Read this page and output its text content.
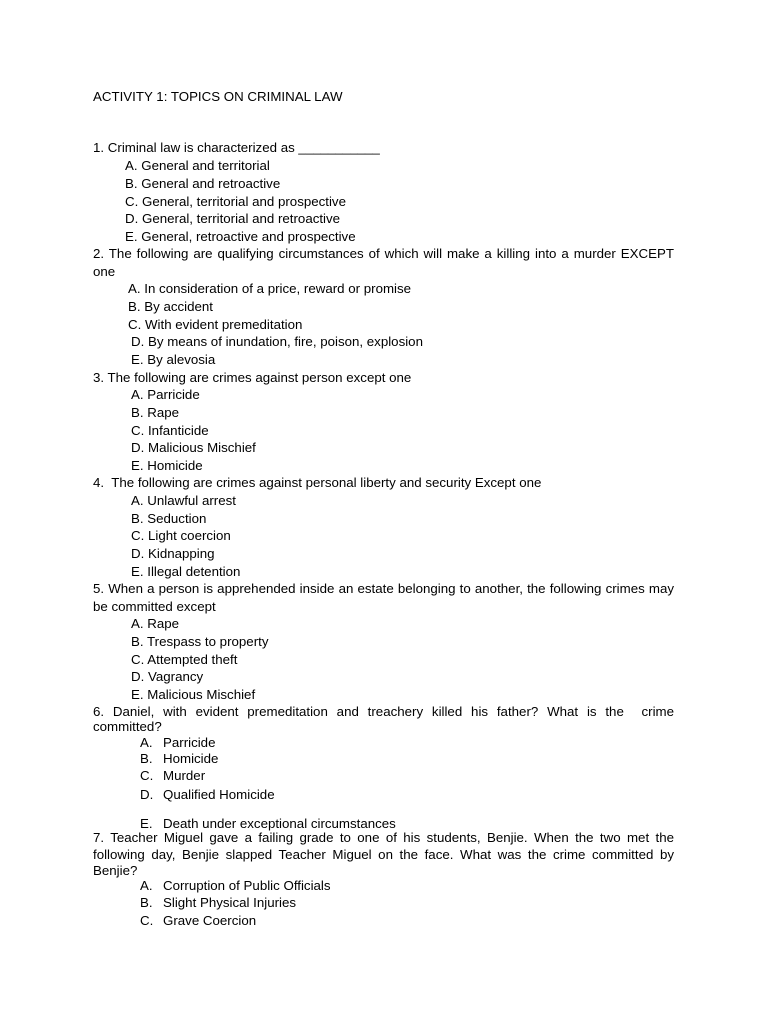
ACTIVITY 1: TOPICS ON CRIMINAL LAW
1. Criminal law is characterized as ___________
A. General and territorial
B. General and retroactive
C. General, territorial and prospective
D. General, territorial and retroactive
E. General, retroactive and prospective
2. The following are qualifying circumstances of which will make a killing into a murder EXCEPT one
A. In consideration of a price, reward or promise
B. By accident
C. With evident premeditation
D. By means of inundation, fire, poison, explosion
E. By alevosia
3. The following are crimes against person except one
A. Parricide
B. Rape
C. Infanticide
D. Malicious Mischief
E. Homicide
4.  The following are crimes against personal liberty and security Except one
A. Unlawful arrest
B. Seduction
C. Light coercion
D. Kidnapping
E. Illegal detention
5. When a person is apprehended inside an estate belonging to another, the following crimes may be committed except
A. Rape
B. Trespass to property
C. Attempted theft
D. Vagrancy
E. Malicious Mischief
6. Daniel, with evident premeditation and treachery killed his father? What is the  crime committed?
A. Parricide
B. Homicide
C. Murder
D. Qualified Homicide
E. Death under exceptional circumstances
7. Teacher Miguel gave a failing grade to one of his students, Benjie. When the two met the following day, Benjie slapped Teacher Miguel on the face. What was the crime committed by Benjie?
A. Corruption of Public Officials
B. Slight Physical Injuries
C. Grave Coercion
